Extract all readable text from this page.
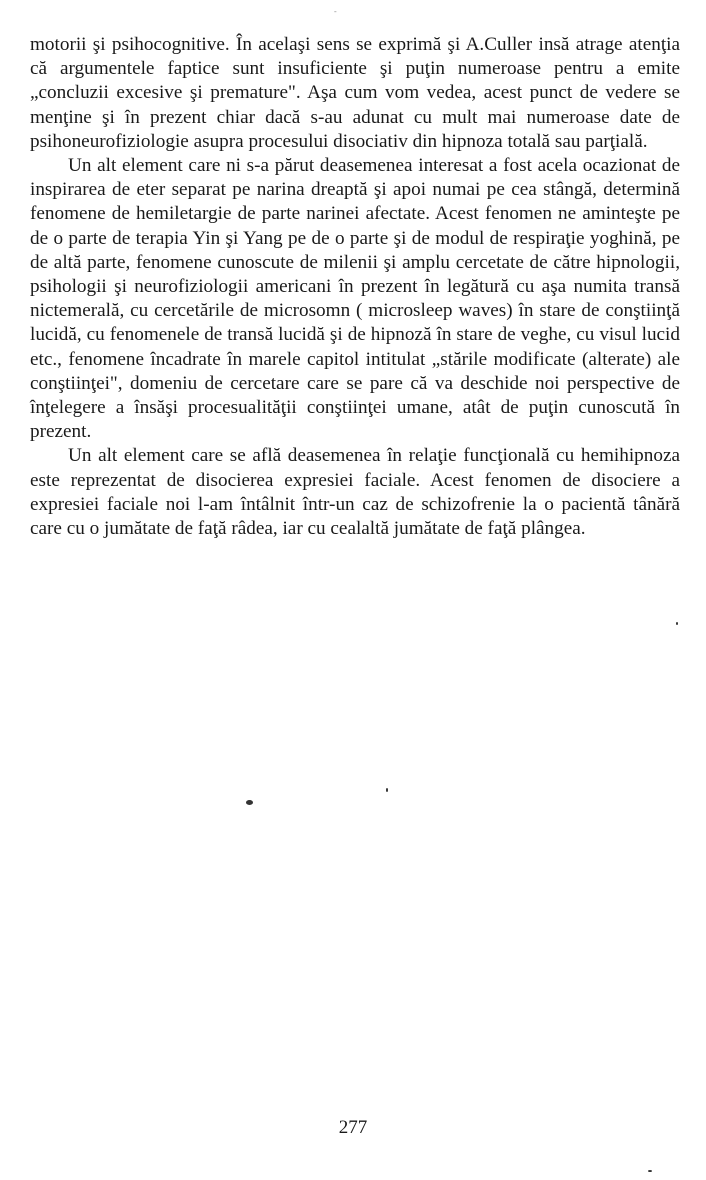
-

motorii şi psihocognitive. În acelaşi sens se exprimă şi A.Culler insă atrage atenţia că argumentele faptice sunt insuficiente şi puţin numeroase pentru a emite „concluzii excesive şi premature". Aşa cum vom vedea, acest punct de vedere se menţine şi în prezent chiar dacă s-au adunat cu mult mai numeroase date de psihoneurofiziologie asupra procesului disociativ din hipnoza totală sau parţială.

Un alt element care ni s-a părut deasemenea interesat a fost acela ocazionat de inspirarea de eter separat pe narina dreaptă şi apoi numai pe cea stângă, determină fenomene de hemiletargie de parte narinei afectate. Acest fenomen ne aminteşte pe de o parte de terapia Yin şi Yang pe de o parte şi de modul de respiraţie yoghină, pe de altă parte, fenomene cunoscute de milenii şi amplu cercetate de către hipnologii, psihologii şi neurofiziologii americani în prezent în legătură cu aşa numita transă nictemerală, cu cercetările de microsomn ( microsleep waves) în stare de conştiinţă lucidă, cu fenomenele de transă lucidă şi de hipnoză în stare de veghe, cu visul lucid etc., fenomene încadrate în marele capitol intitulat „stările modificate (alterate) ale conştiinţei", domeniu de cercetare care se pare că va deschide noi perspective de înţelegere a însăşi procesualităţii conştiinţei umane, atât de puţin cunoscută în prezent.

Un alt element care se află deasemenea în relaţie funcţională cu hemihipnoza este reprezentat de disocierea expresiei faciale. Acest fenomen de disociere a expresiei faciale noi l-am întâlnit într-un caz de schizofrenie la o pacientă tânără care cu o jumătate de faţă râdea, iar cu cealaltă jumătate de faţă plângea.

277
